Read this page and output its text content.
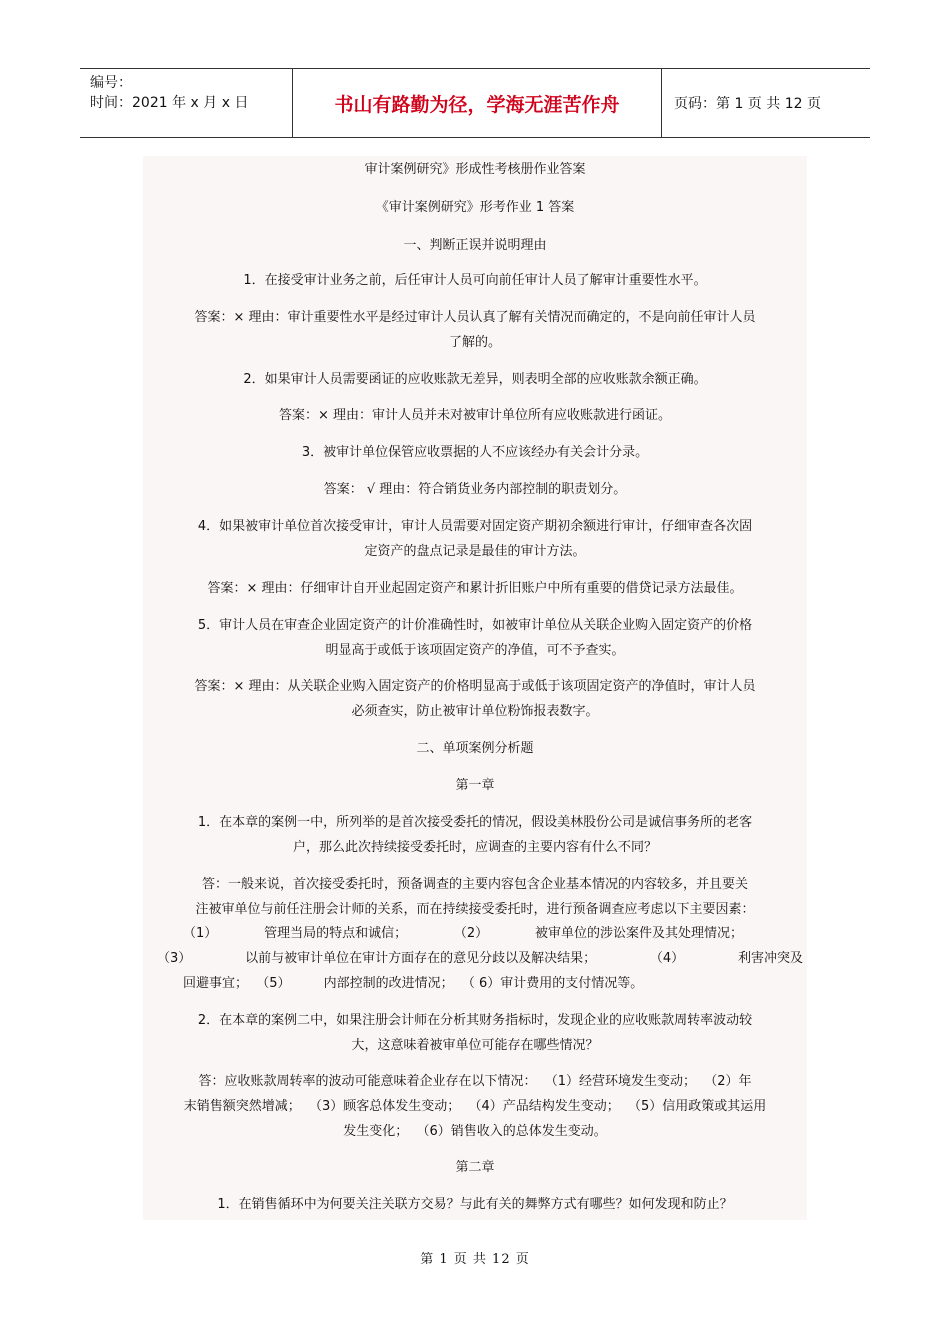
编号：
时间：2021 年 x 月 x 日	书山有路勤为径，学海无涯苦作舟	页码：第 1 页 共 12 页
审计案例研究》形成性考核册作业答案
《审计案例研究》形考作业 1 答案
一、判断正误并说明理由
1．在接受审计业务之前，后任审计人员可向前任审计人员了解审计重要性水平。
答案：× 理由：审计重要性水平是经过审计人员认真了解有关情况而确定的，不是向前任审计人员
了解的。
2．如果审计人员需要函证的应收账款无差异，则表明全部的应收账款余额正确。
答案：× 理由：审计人员并未对被审计单位所有应收账款进行函证。
3．被审计单位保管应收票据的人不应该经办有关会计分录。
答案： √ 理由：符合销货业务内部控制的职责划分。
4．如果被审计单位首次接受审计，审计人员需要对固定资产期初余额进行审计，仔细审查各次固
定资产的盘点记录是最佳的审计方法。
答案：× 理由：仔细审计自开业起固定资产和累计折旧账户中所有重要的借贷记录方法最佳。
5．审计人员在审查企业固定资产的计价准确性时，如被审计单位从关联企业购入固定资产的价格
明显高于或低于该项固定资产的净值，可不予查实。
答案：× 理由：从关联企业购入固定资产的价格明显高于或低于该项固定资产的净值时，审计人员
必须查实，防止被审计单位粉饰报表数字。
二、单项案例分析题
第一章
1．在本章的案例一中，所列举的是首次接受委托的情况，假设美林股份公司是诚信事务所的老客
户，那么此次持续接受委托时，应调查的主要内容有什么不同？
答：一般来说，首次接受委托时，预备调查的主要内容包含企业基本情况的内容较多，并且要关
注被审单位与前任注册会计师的关系，而在持续接受委托时，进行预备调查应考虑以下主要因素：
（1）	管理当局的特点和诚信；	（2）	被审单位的涉讼案件及其处理情况；
（3）	以前与被审计单位在审计方面存在的意见分歧以及解决结果；	（4）	利害冲突及
回避事宜；  （5）        内部控制的改进情况；  （ 6）审计费用的支付情况等。
2．在本章的案例二中，如果注册会计师在分析其财务指标时，发现企业的应收账款周转率波动较
大，这意味着被审单位可能存在哪些情况？
答：应收账款周转率的波动可能意味着企业存在以下情况：  （1）经营环境发生变动；  （2）年
末销售额突然增减；  （3）顾客总体发生变动；  （4）产品结构发生变动；  （5）信用政策或其运用
发生变化；  （6）销售收入的总体发生变动。
第二章
1．在销售循环中为何要关注关联方交易？与此有关的舞弊方式有哪些？如何发现和防止？
第 1 页 共 12 页
